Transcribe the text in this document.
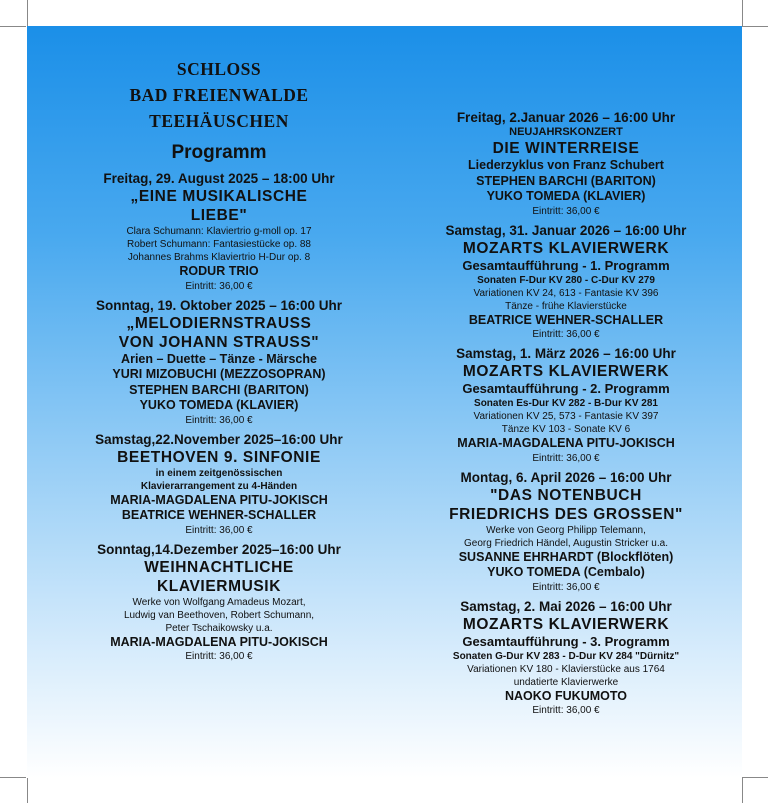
SCHLOSS
BAD FREIENWALDE
TEEHÄUSCHEN
Programm
Freitag, 29. August 2025 – 18:00 Uhr
„EINE MUSIKALISCHE
LIEBE"
Clara Schumann: Klaviertrio g-moll op. 17
Robert Schumann: Fantasiestücke op. 88
Johannes Brahms Klaviertrio H-Dur op. 8
RODUR TRIO
Eintritt: 36,00 €
Sonntag, 19. Oktober 2025 – 16:00 Uhr
„MELODIERNSTRAUSS
VON JOHANN STRAUSS"
Arien – Duette – Tänze - Märsche
YURI MIZOBUCHI (MEZZOSOPRAN)
STEPHEN BARCHI (BARITON)
YUKO TOMEDA (KLAVIER)
Eintritt: 36,00 €
Samstag,22.November 2025–16:00 Uhr
BEETHOVEN 9. SINFONIE
in einem zeitgenössischen
Klavierarrangement zu 4-Händen
MARIA-MAGDALENA PITU-JOKISCH
BEATRICE WEHNER-SCHALLER
Eintritt: 36,00 €
Sonntag,14.Dezember 2025–16:00 Uhr
WEIHNACHTLICHE
KLAVIERMUSIK
Werke von Wolfgang Amadeus Mozart,
Ludwig van Beethoven, Robert Schumann,
Peter Tschaikowsky u.a.
MARIA-MAGDALENA PITU-JOKISCH
Eintritt: 36,00 €
Freitag, 2.Januar 2026 – 16:00 Uhr
NEUJAHRSKONZERT
DIE WINTERREISE
Liederzyklus von Franz Schubert
STEPHEN BARCHI (BARITON)
YUKO TOMEDA (KLAVIER)
Eintritt: 36,00 €
Samstag, 31. Januar 2026 – 16:00 Uhr
MOZARTS KLAVIERWERK
Gesamtaufführung - 1. Programm
Sonaten F-Dur KV 280 - C-Dur KV 279
Variationen KV 24, 613 - Fantasie KV 396
Tänze - frühe Klavierstücke
BEATRICE WEHNER-SCHALLER
Eintritt: 36,00 €
Samstag, 1. März 2026 – 16:00 Uhr
MOZARTS KLAVIERWERK
Gesamtaufführung - 2. Programm
Sonaten Es-Dur KV 282 - B-Dur KV 281
Variationen KV 25, 573 - Fantasie KV 397
Tänze KV 103 - Sonate KV 6
MARIA-MAGDALENA PITU-JOKISCH
Eintritt: 36,00 €
Montag, 6. April 2026 – 16:00 Uhr
"DAS NOTENBUCH
FRIEDRICHS DES GROSSEN"
Werke von Georg Philipp Telemann,
Georg Friedrich Händel, Augustin Stricker u.a.
SUSANNE EHRHARDT (Blockflöten)
YUKO TOMEDA (Cembalo)
Eintritt: 36,00 €
Samstag, 2. Mai 2026 – 16:00 Uhr
MOZARTS KLAVIERWERK
Gesamtaufführung - 3. Programm
Sonaten G-Dur KV 283 - D-Dur KV 284 "Dürnitz"
Variationen KV 180 - Klavierstücke aus 1764
undatierte Klavierwerke
NAOKO FUKUMOTO
Eintritt: 36,00 €
